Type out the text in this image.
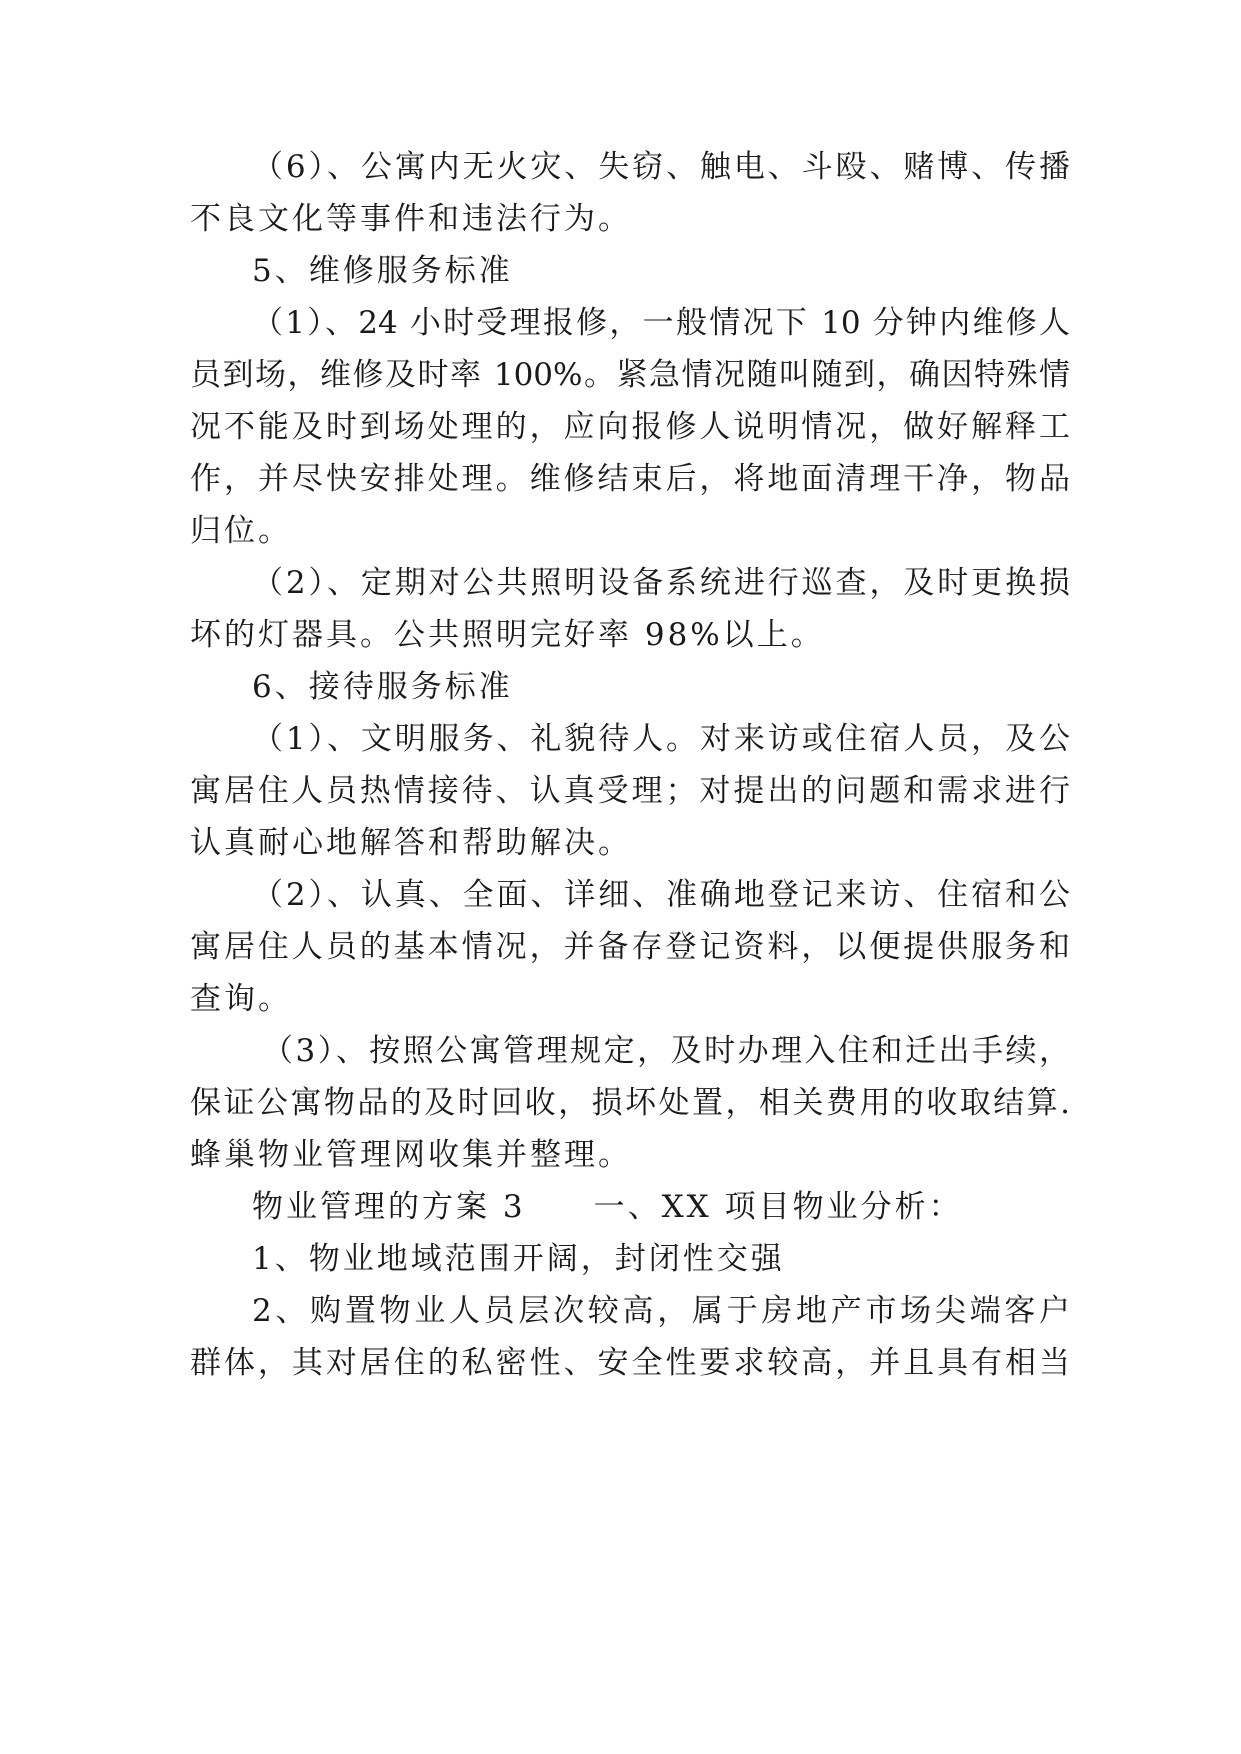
（6）、公寓内无火灾、失窃、触电、斗殴、赌博、传播
不良文化等事件和违法行为。
5、维修服务标准
（1）、24 小时受理报修，一般情况下 10 分钟内维修人
员到场，维修及时率 100%。紧急情况随叫随到，确因特殊情
况不能及时到场处理的，应向报修人说明情况，做好解释工
作，并尽快安排处理。维修结束后，将地面清理干净，物品
归位。
（2）、定期对公共照明设备系统进行巡查，及时更换损
坏的灯器具。公共照明完好率 98%以上。
6、接待服务标准
（1）、文明服务、礼貌待人。对来访或住宿人员，及公
寓居住人员热情接待、认真受理；对提出的问题和需求进行
认真耐心地解答和帮助解决。
（2）、认真、全面、详细、准确地登记来访、住宿和公
寓居住人员的基本情况，并备存登记资料，以便提供服务和
查询。
（3）、按照公寓管理规定，及时办理入住和迁出手续，
保证公寓物品的及时回收，损坏处置，相关费用的收取结算.
蜂巢物业管理网收集并整理。
物业管理的方案 3　　一、XX 项目物业分析：
1、物业地域范围开阔，封闭性交强
2、购置物业人员层次较高，属于房地产市场尖端客户
群体，其对居住的私密性、安全性要求较高，并且具有相当
